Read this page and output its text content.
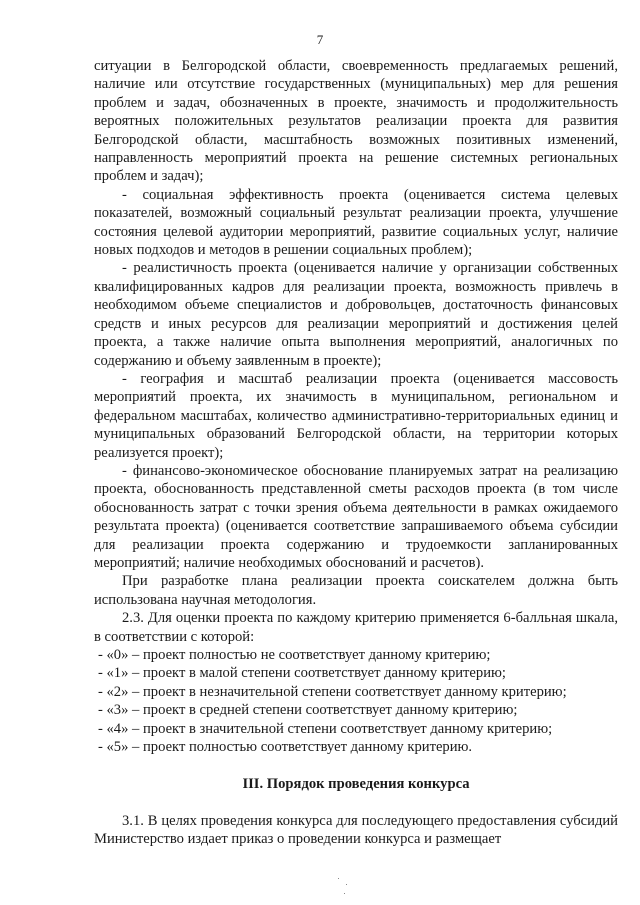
7

ситуации в Белгородской области, своевременность предлагаемых решений, наличие или отсутствие государственных (муниципальных) мер для решения проблем и задач, обозначенных в проекте, значимость и продолжительность вероятных положительных результатов реализации проекта для развития Белгородской области, масштабность возможных позитивных изменений, направленность мероприятий проекта на решение системных региональных проблем и задач);

- социальная эффективность проекта (оценивается система целевых показателей, возможный социальный результат реализации проекта, улучшение состояния целевой аудитории мероприятий, развитие социальных услуг, наличие новых подходов и методов в решении социальных проблем);

- реалистичность проекта (оценивается наличие у организации собственных квалифицированных кадров для реализации проекта, возможность привлечь в необходимом объеме специалистов и добровольцев, достаточность финансовых средств и иных ресурсов для реализации мероприятий и достижения целей проекта, а также наличие опыта выполнения мероприятий, аналогичных по содержанию и объему заявленным в проекте);

- география и масштаб реализации проекта (оценивается массовость мероприятий проекта, их значимость в муниципальном, региональном и федеральном масштабах, количество административно-территориальных единиц и муниципальных образований Белгородской области, на территории которых реализуется проект);

- финансово-экономическое обоснование планируемых затрат на реализацию проекта, обоснованность представленной сметы расходов проекта (в том числе обоснованность затрат с точки зрения объема деятельности в рамках ожидаемого результата проекта) (оценивается соответствие запрашиваемого объема субсидии для реализации проекта содержанию и трудоемкости запланированных мероприятий; наличие необходимых обоснований и расчетов).

При разработке плана реализации проекта соискателем должна быть использована научная методология.

2.3. Для оценки проекта по каждому критерию применяется 6-балльная шкала, в соответствии с которой:

- «0» – проект полностью не соответствует данному критерию;
- «1» – проект в малой степени соответствует данному критерию;
- «2» – проект в незначительной степени соответствует данному критерию;
- «3» – проект в средней степени соответствует данному критерию;
- «4» – проект в значительной степени соответствует данному критерию;
- «5» – проект полностью соответствует данному критерию.
III. Порядок проведения конкурса

3.1. В целях проведения конкурса для последующего предоставления субсидий Министерство издает приказ о проведении конкурса и размещает
